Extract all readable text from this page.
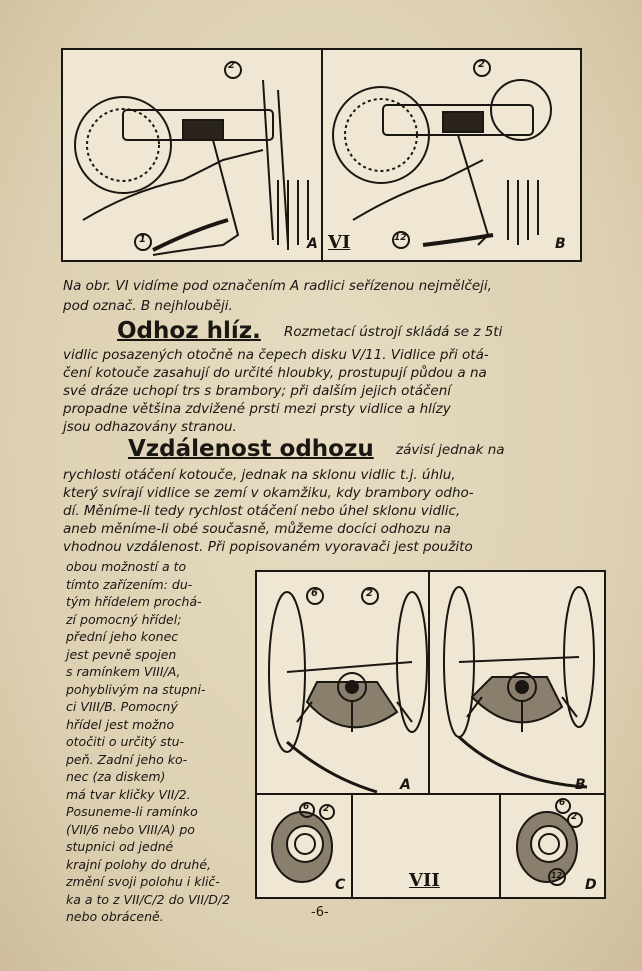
2
1
2
12
A VI	B
Na obr. VI vidíme pod označením A radlici seřízenou nejmělčeji,
pod označ. B nejhlouběji.
Odhoz hlíz. Rozmetací ústrojí skládá se z 5ti
vidlic posazených otočně na čepech disku V/11. Vidlice při otá-
čení kotouče zasahují do určité hloubky, prostupují půdou a na
své dráze uchopí trs s brambory; při dalším jejich otáčení
propadne většina zdvižené prsti mezi prsty vidlice a hlízy
jsou odhazovány stranou.
Vzdálenost odhozu závisí jednak na
rychlosti otáčení kotouče, jednak na sklonu vidlic t.j. úhlu,
který svírají vidlice se zemí v okamžiku, kdy brambory odho-
dí. Měníme-li tedy rychlost otáčení nebo úhel sklonu vidlic,
aneb měníme-li obé současně, můžeme docíci odhozu na
vhodnou vzdálenost. Při popisovaném vyoravači jest použito
obou možností a to
tímto zařízením: du-
tým hřídelem prochá-
zí pomocný hřídel;
přední jeho konec
jest pevně spojen
s ramínkem VIII/A,
pohyblivým na stupni-
ci VIII/B. Pomocný
hřídel jest možno
otočiti o určitý stu-
peň. Zadní jeho ko-
nec (za diskem)
má tvar kličky VII/2.
Posuneme-li ramínko
(VII/6 nebo VIII/A) po
stupnici od jedné
krajní polohy do druhé,
změní svoji polohu i klič-
ka a to z VII/C/2 do VII/D/2
nebo obráceně.
6	2
A	B
6 2
C	VII
6
2
12
D
-6-
